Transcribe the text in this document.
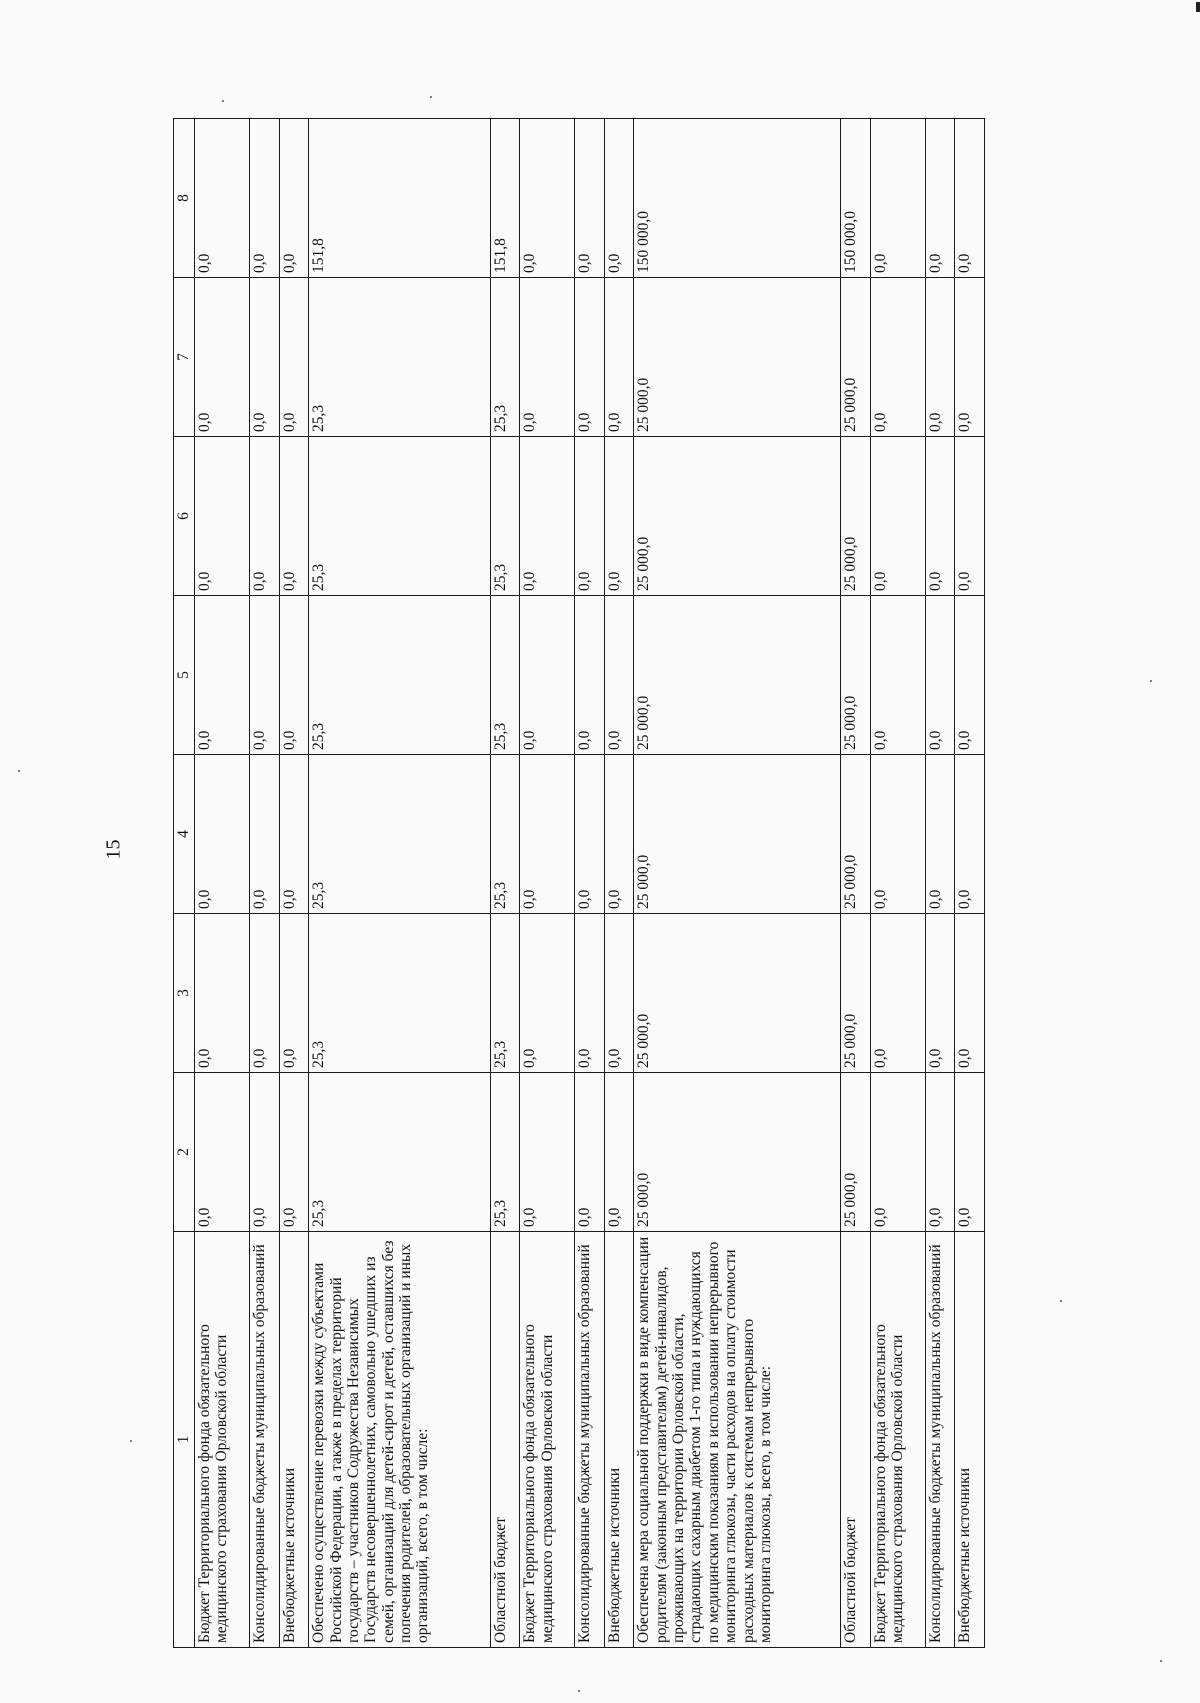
15
1	2	3	4	5	6	7	8
Бюджет Территориального фонда обязательного медицинского страхования Орловской области	0,0	0,0	0,0	0,0	0,0	0,0	0,0
Консолидированные бюджеты муниципальных образований	0,0	0,0	0,0	0,0	0,0	0,0	0,0
Внебюджетные источники	0,0	0,0	0,0	0,0	0,0	0,0	0,0
Обеспечено осуществление перевозки между субъектами Российской Федерации, а также в пределах территорий государств – участников Содружества Независимых Государств несовершеннолетних, самовольно ушедших из семей, организаций для детей-сирот и детей, оставшихся без попечения родителей, образовательных организаций и иных организаций, всего, в том числе:	25,3	25,3	25,3	25,3	25,3	25,3	151,8
Областной бюджет	25,3	25,3	25,3	25,3	25,3	25,3	151,8
Бюджет Территориального фонда обязательного медицинского страхования Орловской области	0,0	0,0	0,0	0,0	0,0	0,0	0,0
Консолидированные бюджеты муниципальных образований	0,0	0,0	0,0	0,0	0,0	0,0	0,0
Внебюджетные источники	0,0	0,0	0,0	0,0	0,0	0,0	0,0
Обеспечена мера социальной поддержки в виде компенсации родителям (законным представителям) детей-инвалидов, проживающих на территории Орловской области, страдающих сахарным диабетом 1-го типа и нуждающихся по медицинским показаниям в использовании непрерывного мониторинга глюкозы, части расходов на оплату стоимости расходных материалов к системам непрерывного мониторинга глюкозы, всего, в том числе:	25 000,0	25 000,0	25 000,0	25 000,0	25 000,0	25 000,0	150 000,0
Областной бюджет	25 000,0	25 000,0	25 000,0	25 000,0	25 000,0	25 000,0	150 000,0
Бюджет Территориального фонда обязательного медицинского страхования Орловской области	0,0	0,0	0,0	0,0	0,0	0,0	0,0
Консолидированные бюджеты муниципальных образований	0,0	0,0	0,0	0,0	0,0	0,0	0,0
Внебюджетные источники	0,0	0,0	0,0	0,0	0,0	0,0	0,0
